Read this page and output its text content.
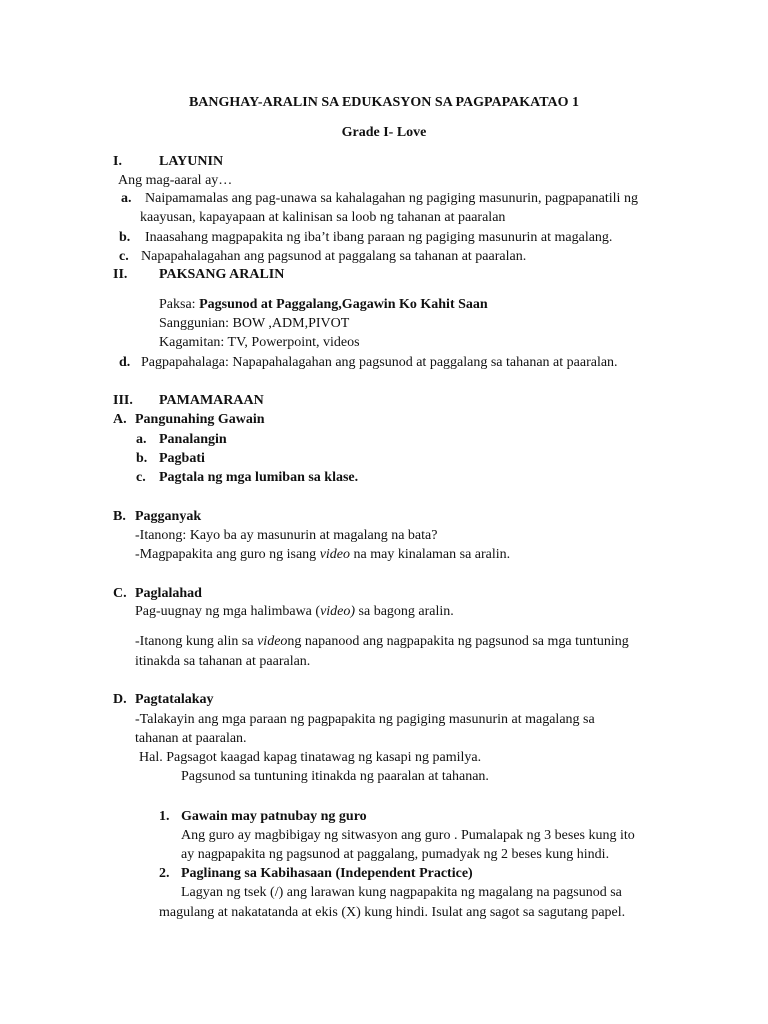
BANGHAY-ARALIN SA EDUKASYON SA PAGPAPAKATAO 1
Grade I- Love
I.	LAYUNIN
Ang mag-aaral ay…
a. Naipamamalas ang pag-unawa sa kahalagahan ng pagiging masunurin, pagpapanatili ng
kaayusan, kapayapaan at kalinisan sa loob ng tahanan at paaralan
b. Inaasahang magpapakita ng iba’t ibang paraan ng pagiging masunurin at magalang.
c. Napapahalagahan ang pagsunod at paggalang sa tahanan at paaralan.
II. PAKSANG ARALIN
Paksa: Pagsunod at Paggalang,Gagawin Ko Kahit Saan
Sanggunian: BOW ,ADM,PIVOT
Kagamitan: TV, Powerpoint, videos
d. Pagpapahalaga: Napapahalagahan ang pagsunod at paggalang sa tahanan at paaralan.
III. PAMAMARAAN
A. Pangunahing Gawain
a. Panalangin
b. Pagbati
c. Pagtala ng mga lumiban sa klase.
B. Pagganyak
-Itanong: Kayo ba ay masunurin at magalang na bata?
-Magpapakita ang guro ng isang video na may kinalaman sa aralin.
C. Paglalahad
Pag-uugnay ng mga halimbawa (video) sa bagong aralin.
-Itanong kung alin sa videong napanood ang nagpapakita ng pagsunod sa mga tuntuning
itinakda sa tahanan at paaralan.
D. Pagtatalakay
-Talakayin ang mga paraan ng pagpapakita ng pagiging masunurin at magalang sa
tahanan at paaralan.
Hal. Pagsagot kaagad kapag tinatawag ng kasapi ng pamilya.
Pagsunod sa tuntuning itinakda ng paaralan at tahanan.
1. Gawain may patnubay ng guro
Ang guro ay magbibigay ng sitwasyon ang guro . Pumalapak ng 3 beses kung ito
ay nagpapakita ng pagsunod at paggalang, pumadyak ng 2 beses kung hindi.
2. Paglinang sa Kabihasaan (Independent Practice)
Lagyan ng tsek (/) ang larawan kung nagpapakita ng magalang na pagsunod sa
magulang at nakatatanda at ekis (X) kung hindi. Isulat ang sagot sa sagutang papel.
